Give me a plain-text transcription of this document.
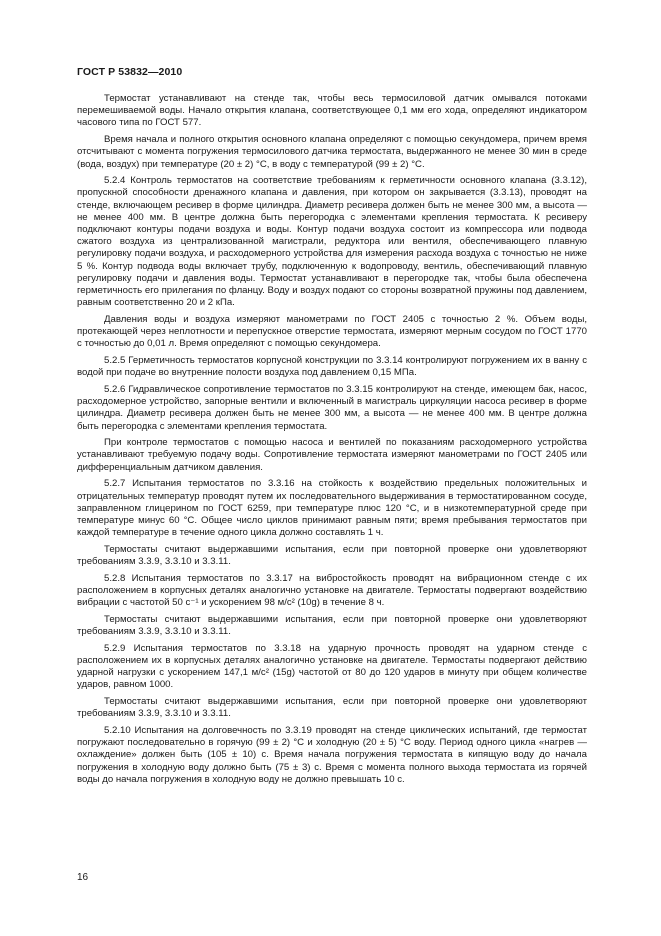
ГОСТ Р 53832—2010

Термостат устанавливают на стенде так, чтобы весь термосиловой датчик омывался потоками перемешиваемой воды. Начало открытия клапана, соответствующее 0,1 мм его хода, определяют индикатором часового типа по ГОСТ 577.

Время начала и полного открытия основного клапана определяют с помощью секундомера, причем время отсчитывают с момента погружения термосилового датчика термостата, выдержанного не менее 30 мин в среде (вода, воздух) при температуре (20 ± 2) °С, в воду с температурой (99 ± 2) °С.

5.2.4 Контроль термостатов на соответствие требованиям к герметичности основного клапана (3.3.12), пропускной способности дренажного клапана и давления, при котором он закрывается (3.3.13), проводят на стенде, включающем ресивер в форме цилиндра. Диаметр ресивера должен быть не менее 300 мм, а высота — не менее 400 мм. В центре должна быть перегородка с элементами крепления термостата. К ресиверу подключают контуры подачи воздуха и воды. Контур подачи воздуха состоит из компрессора или подвода сжатого воздуха из централизованной магистрали, редуктора или вентиля, обеспечивающего плавную регулировку подачи воздуха, и расходомерного устройства для измерения расхода воздуха с точностью не ниже 5 %. Контур подвода воды включает трубу, подключенную к водопроводу, вентиль, обеспечивающий плавную регулировку подачи и давления воды. Термостат устанавливают в перегородке так, чтобы была обеспечена герметичность его прилегания по фланцу. Воду и воздух подают со стороны возвратной пружины под давлением, равным соответственно 20 и 2 кПа.

Давления воды и воздуха измеряют манометрами по ГОСТ 2405 с точностью 2 %. Объем воды, протекающей через неплотности и перепускное отверстие термостата, измеряют мерным сосудом по ГОСТ 1770 с точностью до 0,01 л. Время определяют с помощью секундомера.

5.2.5 Герметичность термостатов корпусной конструкции по 3.3.14 контролируют погружением их в ванну с водой при подаче во внутренние полости воздуха под давлением 0,15 МПа.

5.2.6 Гидравлическое сопротивление термостатов по 3.3.15 контролируют на стенде, имеющем бак, насос, расходомерное устройство, запорные вентили и включенный в магистраль циркуляции насоса ресивер в форме цилиндра. Диаметр ресивера должен быть не менее 300 мм, а высота — не менее 400 мм. В центре должна быть перегородка с элементами крепления термостата.

При контроле термостатов с помощью насоса и вентилей по показаниям расходомерного устройства устанавливают требуемую подачу воды. Сопротивление термостата измеряют манометрами по ГОСТ 2405 или дифференциальным датчиком давления.

5.2.7 Испытания термостатов по 3.3.16 на стойкость к воздействию предельных положительных и отрицательных температур проводят путем их последовательного выдерживания в термостатированном сосуде, заправленном глицерином по ГОСТ 6259, при температуре плюс 120 °С, и в низкотемпературной среде при температуре минус 60 °С. Общее число циклов принимают равным пяти; время пребывания термостатов при каждой температуре в течение одного цикла должно составлять 1 ч.

Термостаты считают выдержавшими испытания, если при повторной проверке они удовлетворяют требованиям 3.3.9, 3.3.10 и 3.3.11.

5.2.8 Испытания термостатов по 3.3.17 на вибростойкость проводят на вибрационном стенде с их расположением в корпусных деталях аналогично установке на двигателе. Термостаты подвергают воздействию вибрации с частотой 50 с⁻¹ и ускорением 98 м/с² (10g) в течение 8 ч.

Термостаты считают выдержавшими испытания, если при повторной проверке они удовлетворяют требованиям 3.3.9, 3.3.10 и 3.3.11.

5.2.9 Испытания термостатов по 3.3.18 на ударную прочность проводят на ударном стенде с расположением их в корпусных деталях аналогично установке на двигателе. Термостаты подвергают действию ударной нагрузки с ускорением 147,1 м/с² (15g) частотой от 80 до 120 ударов в минуту при общем количестве ударов, равном 1000.

Термостаты считают выдержавшими испытания, если при повторной проверке они удовлетворяют требованиям 3.3.9, 3.3.10 и 3.3.11.

5.2.10 Испытания на долговечность по 3.3.19 проводят на стенде циклических испытаний, где термостат погружают последовательно в горячую (99 ± 2) °С и холодную (20 ± 5) °С воду. Период одного цикла «нагрев — охлаждение» должен быть (105 ± 10) с. Время начала погружения термостата в кипящую воду до начала погружения в холодную воду должно быть (75 ± 3) с. Время с момента полного выхода термостата из горячей воды до начала погружения в холодную воду не должно превышать 10 с.

16
